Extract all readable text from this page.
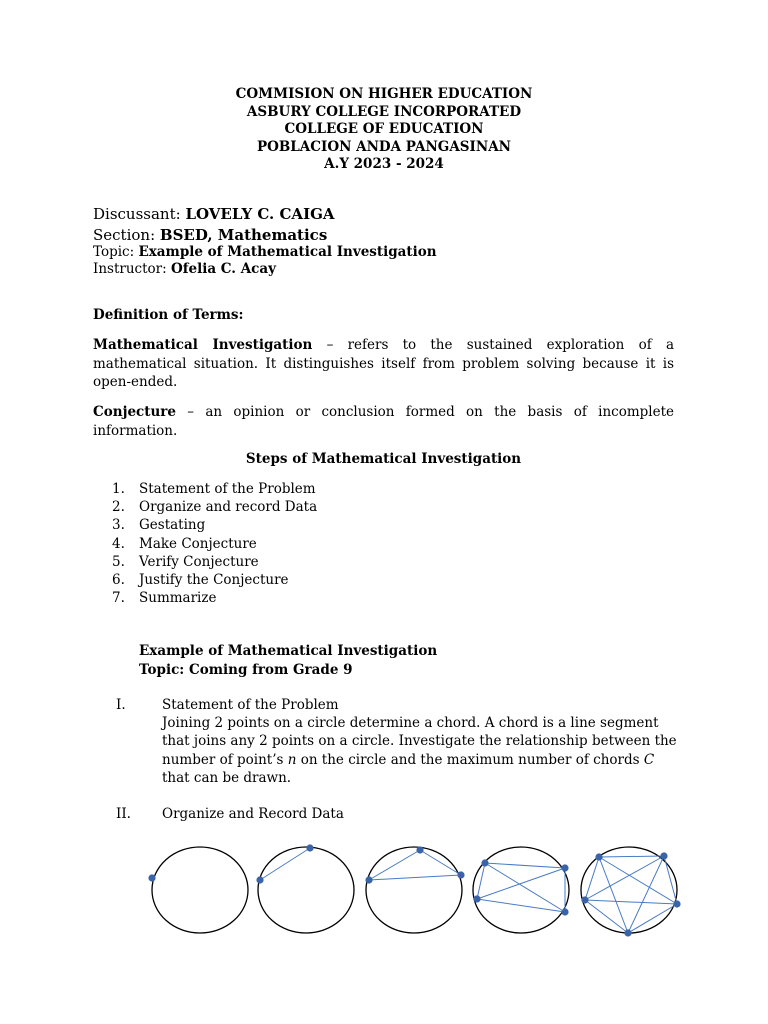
COMMISION ON HIGHER EDUCATION
ASBURY COLLEGE INCORPORATED
COLLEGE OF EDUCATION
POBLACION ANDA PANGASINAN
A.Y 2023 - 2024
Discussant: LOVELY C. CAIGA
Section: BSED, Mathematics
Topic: Example of Mathematical Investigation
Instructor: Ofelia C. Acay
Definition of Terms:
Mathematical Investigation – refers to the sustained exploration of a mathematical situation. It distinguishes itself from problem solving because it is open-ended.
Conjecture – an opinion or conclusion formed on the basis of incomplete information.
Steps of Mathematical Investigation
1.	Statement of the Problem
2.	Organize and record Data
3.	Gestating
4.	Make Conjecture
5.	Verify Conjecture
6.	Justify the Conjecture
7.	Summarize
Example of Mathematical Investigation
Topic: Coming from Grade 9
I.	Statement of the Problem
Joining 2 points on a circle determine a chord. A chord is a line segment that joins any 2 points on a circle. Investigate the relationship between the number of point’s n on the circle and the maximum number of chords C that can be drawn.
II. Organize and Record Data
